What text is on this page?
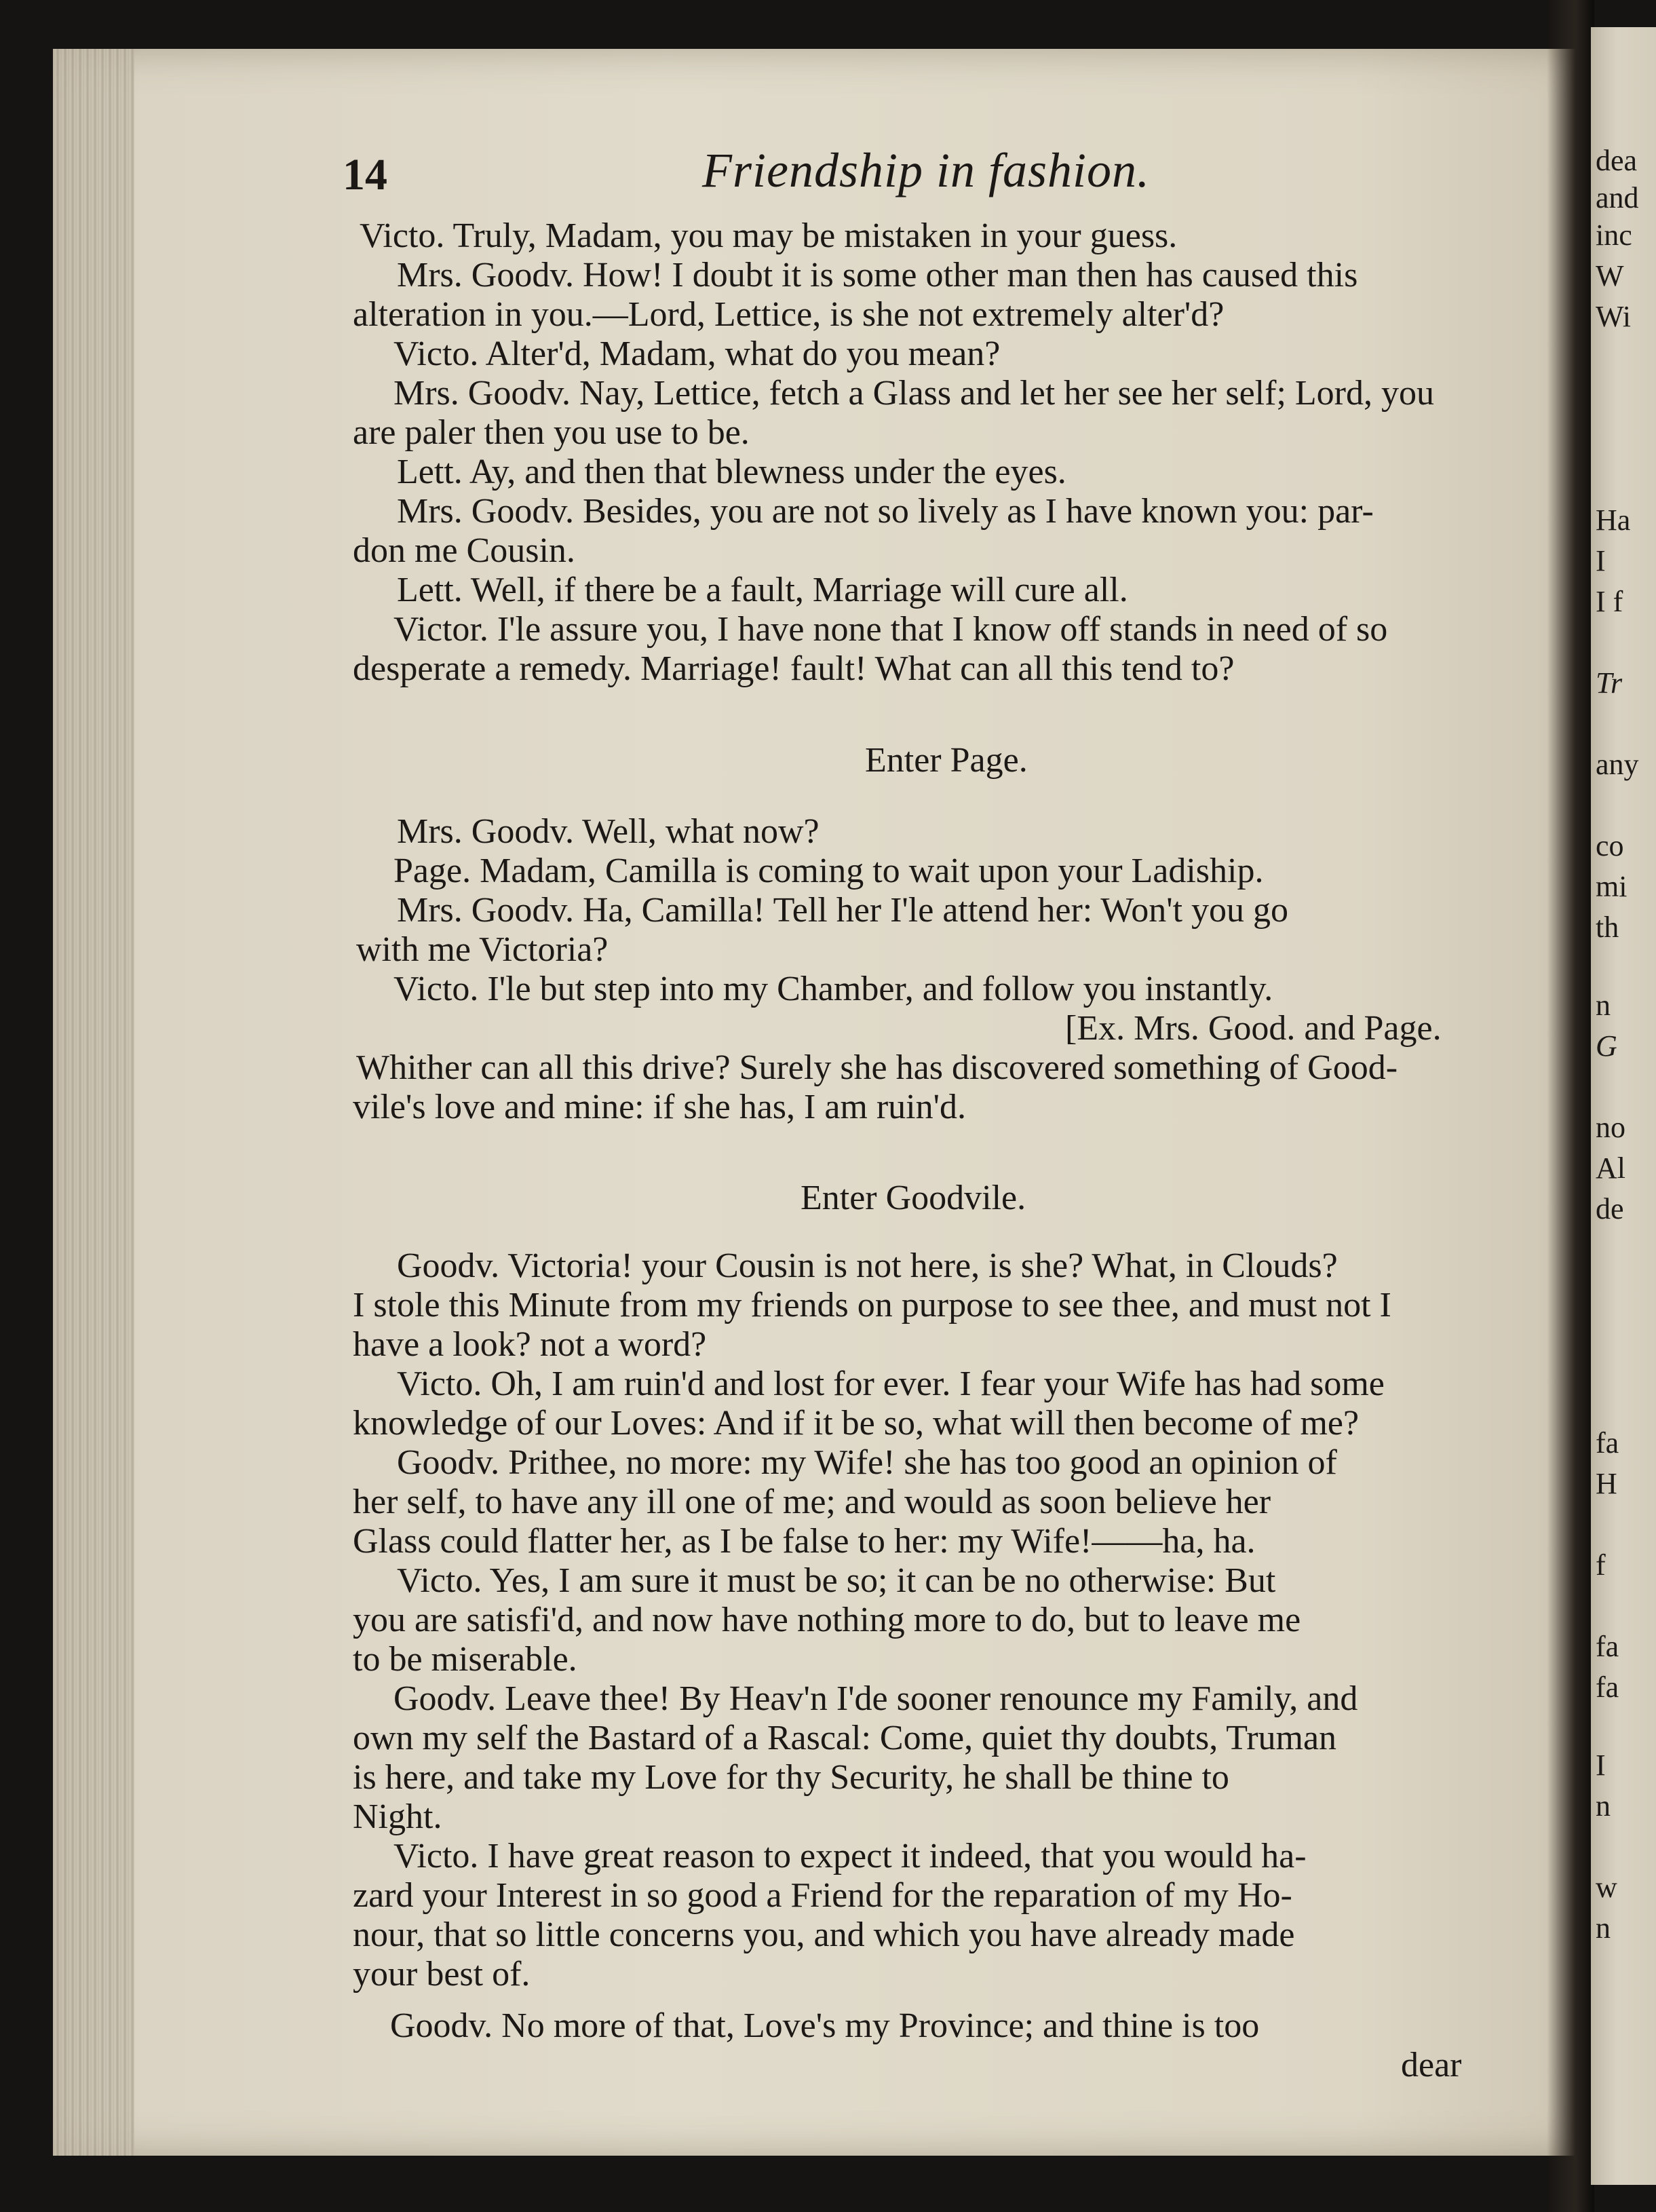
dea
and
inc
W
Wi
Ha
I
I f
Tr
any
co
mi
th
n
G
no
Al
de
fa
H
f
fa
fa
I
n
w
n
14	Friendship in fashion.
Victo. Truly, Madam, you may be mistaken in your guess.
Mrs. Goodv. How! I doubt it is some other man then has caused this
alteration in you.—Lord, Lettice, is she not extremely alter'd?
Victo. Alter'd, Madam, what do you mean?
Mrs. Goodv. Nay, Lettice, fetch a Glass and let her see her self; Lord, you
are paler then you use to be.
Lett. Ay, and then that blewness under the eyes.
Mrs. Goodv. Besides, you are not so lively as I have known you: par-
don me Cousin.
Lett. Well, if there be a fault, Marriage will cure all.
Victor. I'le assure you, I have none that I know off stands in need of so
desperate a remedy. Marriage! fault! What can all this tend to?
Enter Page.
Mrs. Goodv. Well, what now?
Page. Madam, Camilla is coming to wait upon your Ladiship.
Mrs. Goodv. Ha, Camilla! Tell her I'le attend her: Won't you go
with me Victoria?
Victo. I'le but step into my Chamber, and follow you instantly.
[Ex. Mrs. Good. and Page.
Whither can all this drive? Surely she has discovered something of Good-
vile's love and mine: if she has, I am ruin'd.
Enter Goodvile.
Goodv. Victoria! your Cousin is not here, is she? What, in Clouds?
I stole this Minute from my friends on purpose to see thee, and must not I
have a look? not a word?
Victo. Oh, I am ruin'd and lost for ever. I fear your Wife has had some
knowledge of our Loves: And if it be so, what will then become of me?
Goodv. Prithee, no more: my Wife! she has too good an opinion of
her self, to have any ill one of me; and would as soon believe her
Glass could flatter her, as I be false to her: my Wife!——ha, ha.
Victo. Yes, I am sure it must be so; it can be no otherwise: But
you are satisfi'd, and now have nothing more to do, but to leave me
to be miserable.
Goodv. Leave thee! By Heav'n I'de sooner renounce my Family, and
own my self the Bastard of a Rascal: Come, quiet thy doubts, Truman
is here, and take my Love for thy Security, he shall be thine to
Night.
Victo. I have great reason to expect it indeed, that you would ha-
zard your Interest in so good a Friend for the reparation of my Ho-
nour, that so little concerns you, and which you have already made
your best of.
Goodv. No more of that, Love's my Province; and thine is too
dear
